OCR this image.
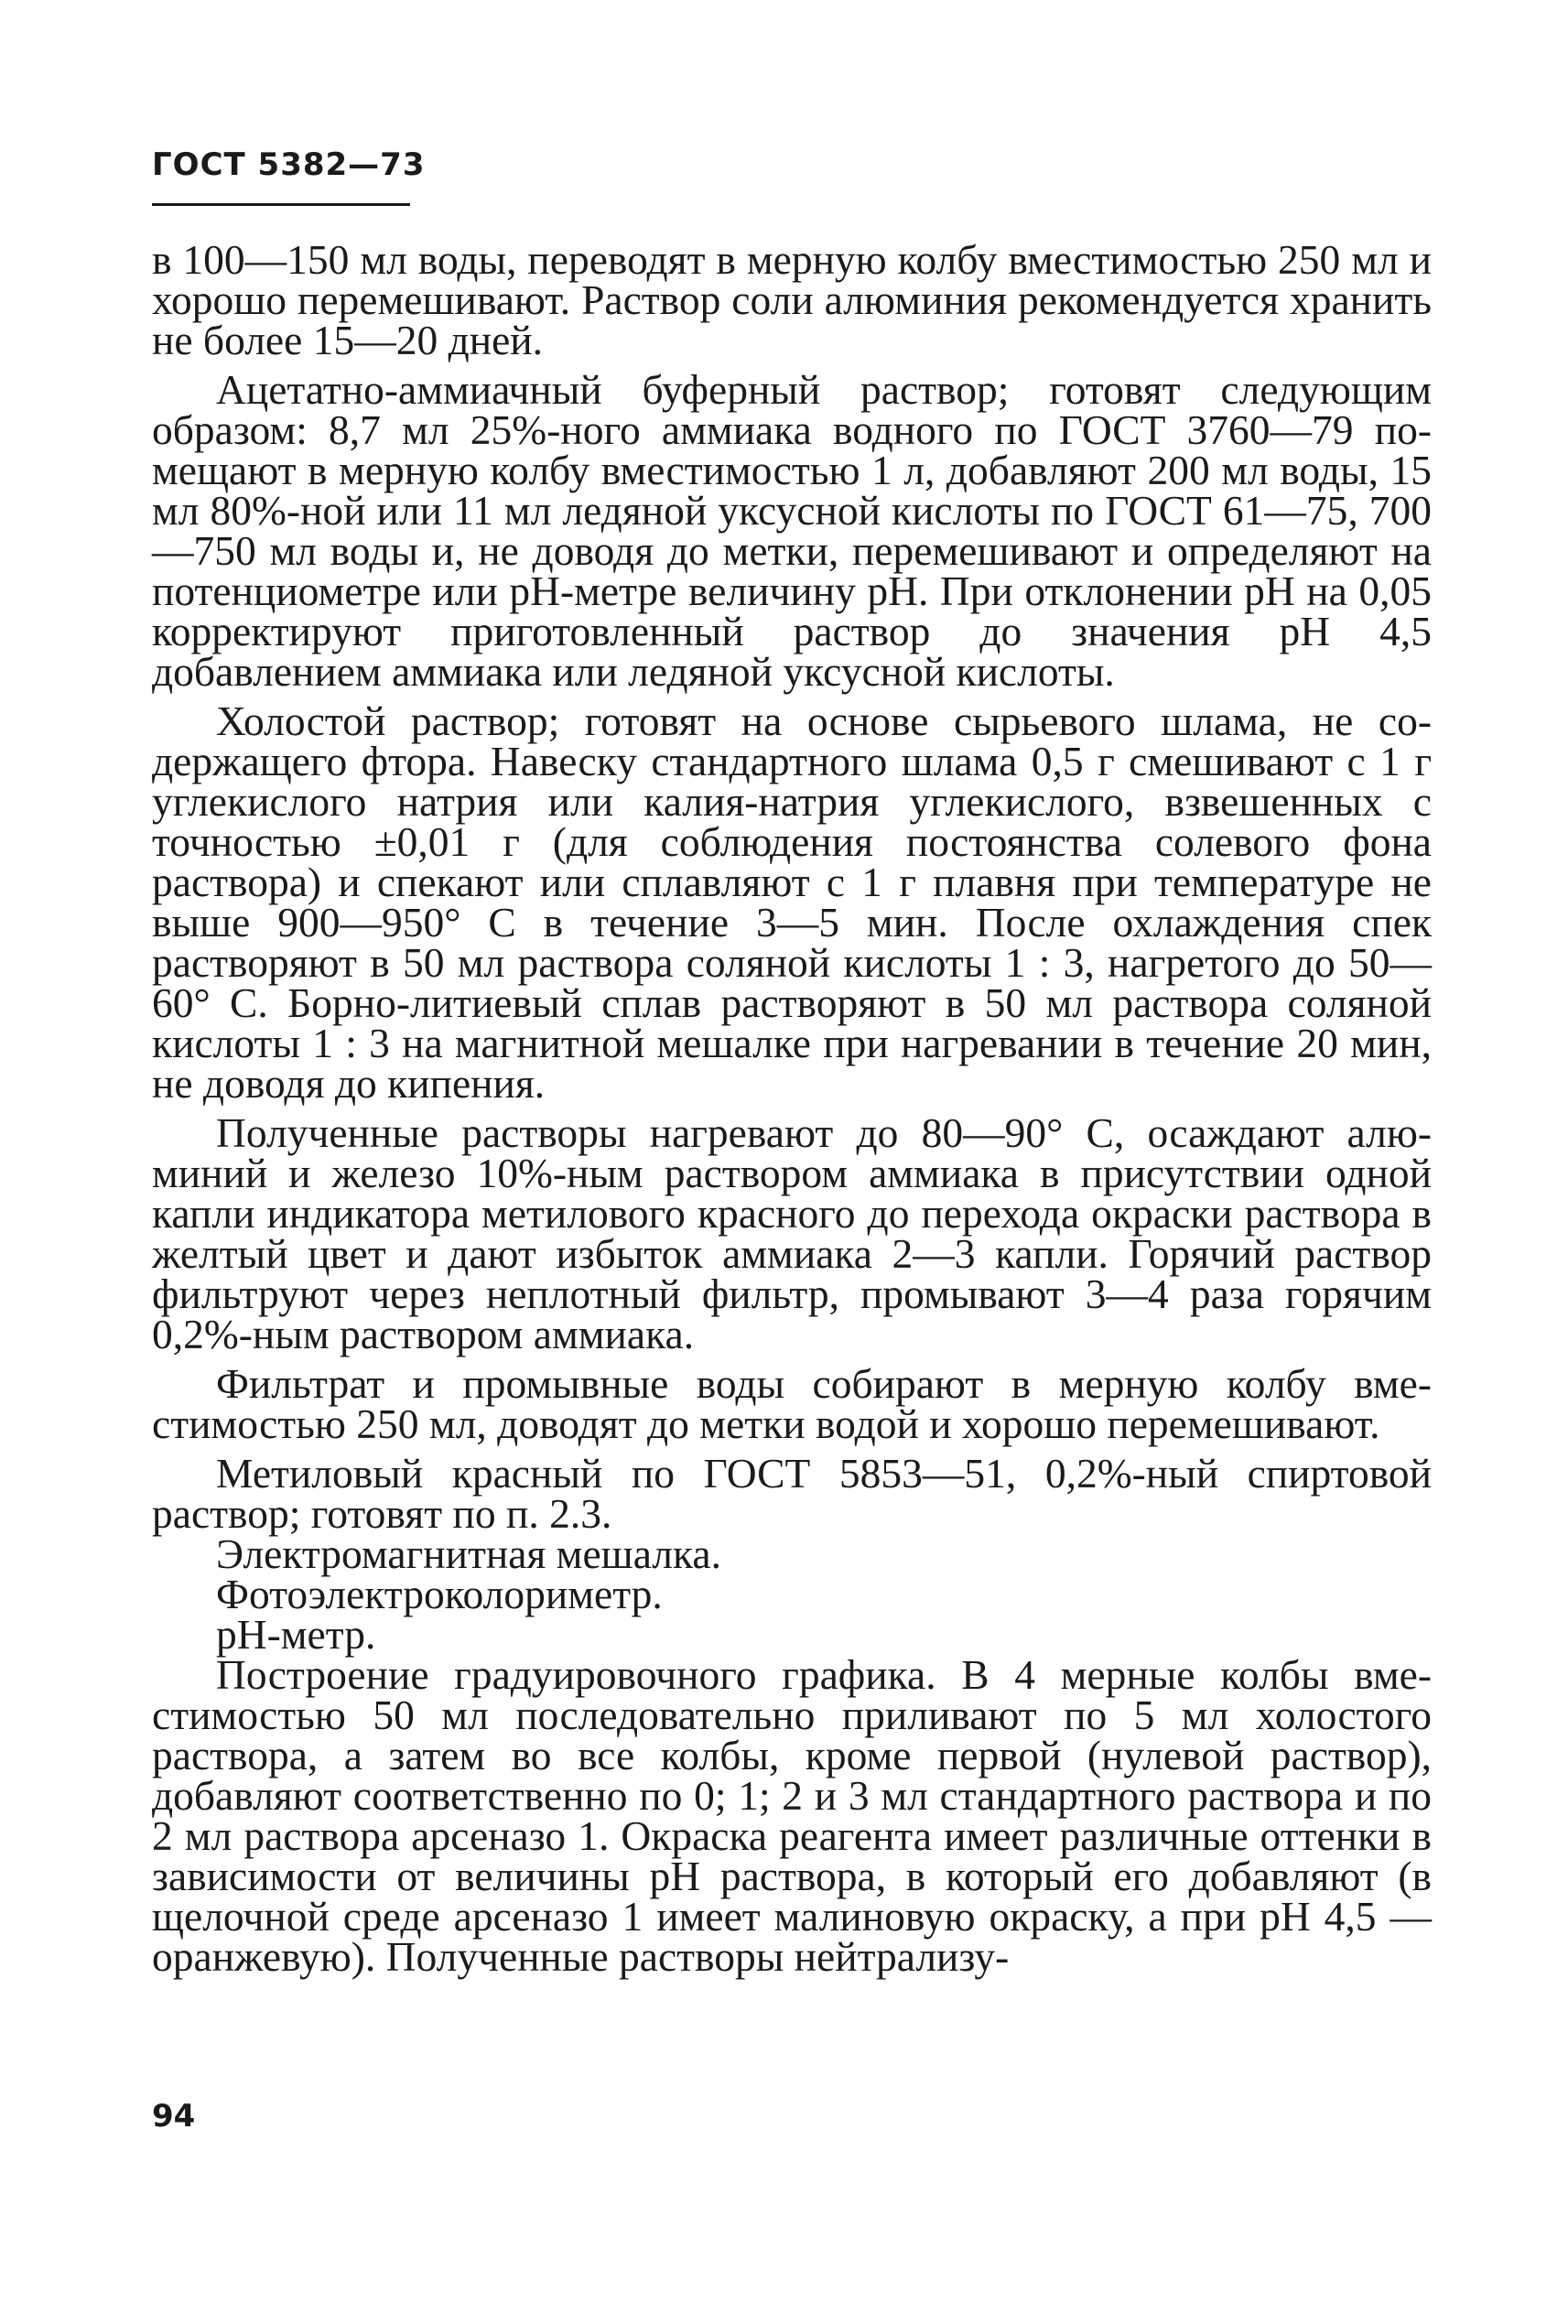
ГОСТ 5382—73

в 100—150 мл воды, переводят в мерную колбу вместимостью 250 мл и хорошо перемешивают. Раствор соли алюминия рекомендуется хранить не более 15—20 дней.

Ацетатно-аммиачный буферный раствор; готовят следующим образом: 8,7 мл 25%-ного аммиака водного по ГОСТ 3760—79 помещают в мерную колбу вместимостью 1 л, добавляют 200 мл воды, 15 мл 80%-ной или 11 мл ледяной уксусной кислоты по ГОСТ 61—75, 700—750 мл воды и, не доводя до метки, перемешивают и определяют на потенциометре или рН-метре величину рН. При отклонении рН на 0,05 корректируют приготовленный раствор до значения рН 4,5 добавлением аммиака или ледяной уксусной кислоты.

Холостой раствор; готовят на основе сырьевого шлама, не содержащего фтора. Навеску стандартного шлама 0,5 г смешивают с 1 г углекислого натрия или калия-натрия углекислого, взвешенных с точностью ±0,01 г (для соблюдения постоянства солевого фона раствора) и спекают или сплавляют с 1 г плавня при температуре не выше 900—950° С в течение 3—5 мин. После охлаждения спек растворяют в 50 мл раствора соляной кислоты 1 : 3, нагретого до 50—60° С. Борно-литиевый сплав растворяют в 50 мл раствора соляной кислоты 1 : 3 на магнитной мешалке при нагревании в течение 20 мин, не доводя до кипения.

Полученные растворы нагревают до 80—90° С, осаждают алюминий и железо 10%-ным раствором аммиака в присутствии одной капли индикатора метилового красного до перехода окраски раствора в желтый цвет и дают избыток аммиака 2—3 капли. Горячий раствор фильтруют через неплотный фильтр, промывают 3—4 раза горячим 0,2%-ным раствором аммиака.

Фильтрат и промывные воды собирают в мерную колбу вместимостью 250 мл, доводят до метки водой и хорошо перемешивают.

Метиловый красный по ГОСТ 5853—51, 0,2%-ный спиртовой раствор; готовят по п. 2.3.

Электромагнитная мешалка.

Фотоэлектроколориметр.

рН-метр.

Построение градуировочного графика. В 4 мерные колбы вместимостью 50 мл последовательно приливают по 5 мл холостого раствора, а затем во все колбы, кроме первой (нулевой раствор), добавляют соответственно по 0; 1; 2 и 3 мл стандартного раствора и по 2 мл раствора арсеназо 1. Окраска реагента имеет различные оттенки в зависимости от величины рН раствора, в который его добавляют (в щелочной среде арсеназо 1 имеет малиновую окраску, а при рН 4,5 — оранжевую). Полученные растворы нейтрализу-

94
